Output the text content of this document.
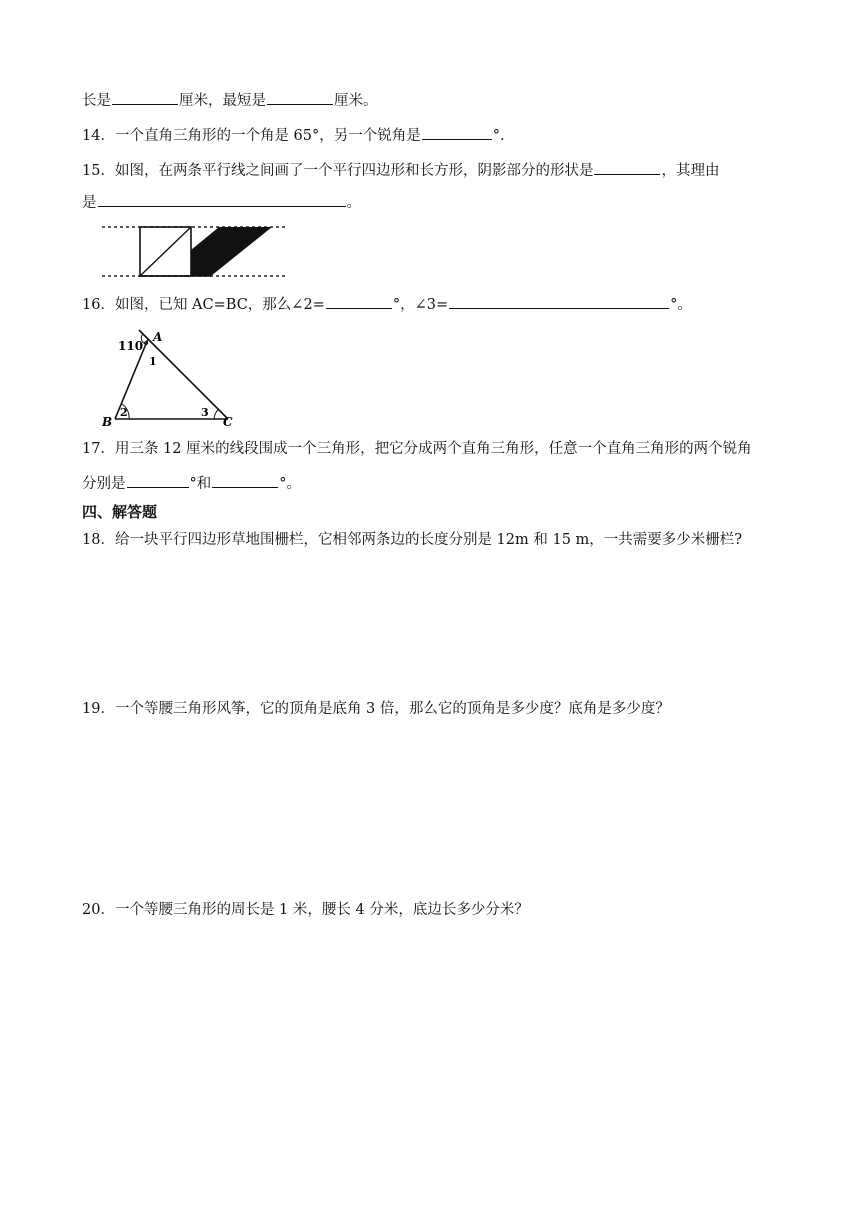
长是	厘米，最短是	厘米。
14．一个直角三角形的一个角是 65°，另一个锐角是	°.
15．如图，在两条平行线之间画了一个平行四边形和长方形，阴影部分的形状是	，其理由
是	。
16．如图，已知 AC=BC，那么∠2=	°，∠3=	°。
110°
A
1
B
2	3
C
17．用三条 12 厘米的线段围成一个三角形，把它分成两个直角三角形，任意一个直角三角形的两个锐角
分别是	°和	°。
四、解答题
18．给一块平行四边形草地围栅栏，它相邻两条边的长度分别是 12m 和 15 m，一共需要多少米栅栏?
19．一个等腰三角形风筝，它的顶角是底角 3 倍，那么它的顶角是多少度？底角是多少度？
20．一个等腰三角形的周长是 1 米，腰长 4 分米，底边长多少分米？
